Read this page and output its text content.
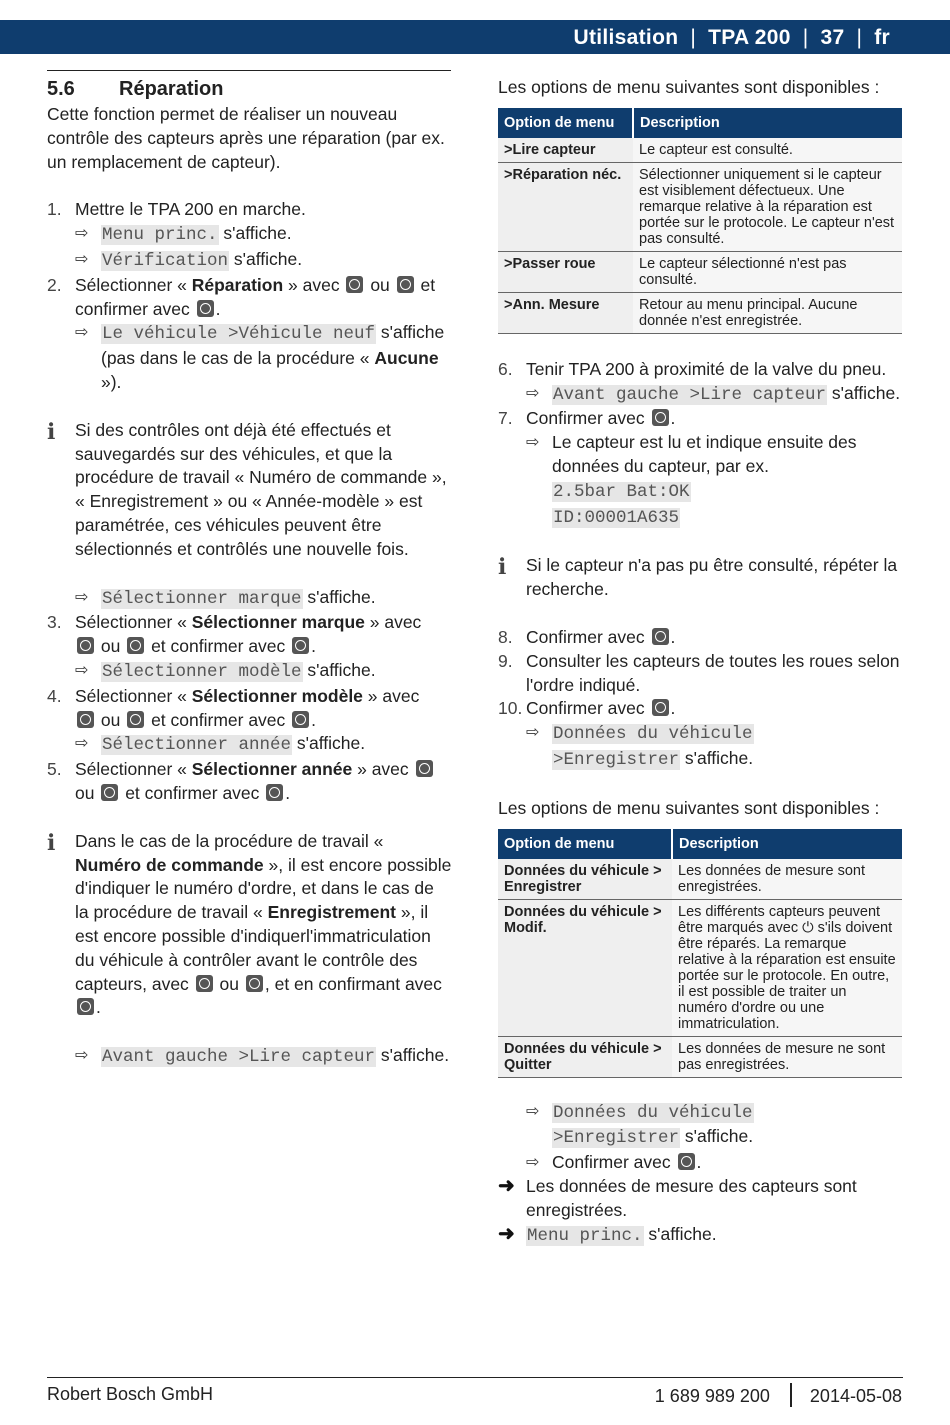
Utilisation | TPA 200 | 37 | fr
5.6 Réparation

Cette fonction permet de réaliser un nouveau contrôle des capteurs après une réparation (par ex. un remplacement de capteur).

1. Mettre le TPA 200 en marche.
⇨ Menu princ. s'affiche.
⇨ Vérification s'affiche.
2. Sélectionner « Réparation » avec  ou  et confirmer avec .
⇨ Le véhicule >Véhicule neuf s'affiche (pas dans le cas de la procédure « Aucune »).
ℹ	Si des contrôles ont déjà été effectués et sauvegardés sur des véhicules, et que la procédure de travail « Numéro de commande », « Enregistrement » ou « Année-modèle » est paramétrée, ces véhicules peuvent être sélectionnés et contrôlés une nouvelle fois.
⇨ Sélectionner marque s'affiche.
3. Sélectionner « Sélectionner marque » avec
ou  et confirmer avec .
⇨ Sélectionner modèle s'affiche.
4. Sélectionner « Sélectionner modèle » avec
ou  et confirmer avec .
⇨ Sélectionner année s'affiche.
5. Sélectionner « Sélectionner année » avec
ou  et confirmer avec .
ℹ	Dans le cas de la procédure de travail « Numéro de commande », il est encore possible d'indiquer le numéro d'ordre, et dans le cas de la procédure de travail « Enregistrement », il est encore possible d'indiquerl'immatriculation du véhicule à contrôler avant le contrôle des capteurs, avec  ou , et en confirmant avec .
⇨ Avant gauche >Lire capteur s'affiche.

Les options de menu suivantes sont disponibles :

Option de menu	Description
>Lire capteur	Le capteur est consulté.
>Réparation néc.	Sélectionner uniquement si le capteur est visiblement défectueux. Une remarque relative à la réparation est portée sur le protocole. Le capteur n'est pas consulté.
>Passer roue	Le capteur sélectionné n'est pas consulté.
>Ann. Mesure	Retour au menu principal. Aucune donnée n'est enregistrée.
6. Tenir TPA 200 à proximité de la valve du pneu.
⇨ Avant gauche >Lire capteur s'affiche.
7. Confirmer avec .
⇨ Le capteur est lu et indique ensuite des données du capteur, par ex.
2.5bar Bat:OK
ID:00001A635
ℹ	Si le capteur n'a pas pu être consulté, répéter la recherche.
8. Confirmer avec .
9. Consulter les capteurs de toutes les roues selon l'ordre indiqué.
10. Confirmer avec .
⇨ Données du véhicule
>Enregistrer s'affiche.

Les options de menu suivantes sont disponibles :

Option de menu	Description
Données du véhicule > Enregistrer	Les données de mesure sont enregistrées.
Données du véhicule > Modif.	Les différents capteurs peuvent être marqués avec ⏻ s'ils doivent être réparés. La remarque relative à la réparation est ensuite portée sur le protocole. En outre, il est possible de traiter un numéro d'ordre ou une immatriculation.
Données du véhicule > Quitter	Les données de mesure ne sont pas enregistrées.
⇨ Données du véhicule
>Enregistrer s'affiche.
⇨ Confirmer avec .
➜ Les données de mesure des capteurs sont enregistrées.
➜ Menu princ. s'affiche.
Robert Bosch GmbH	1 689 989 200 2014-05-08
